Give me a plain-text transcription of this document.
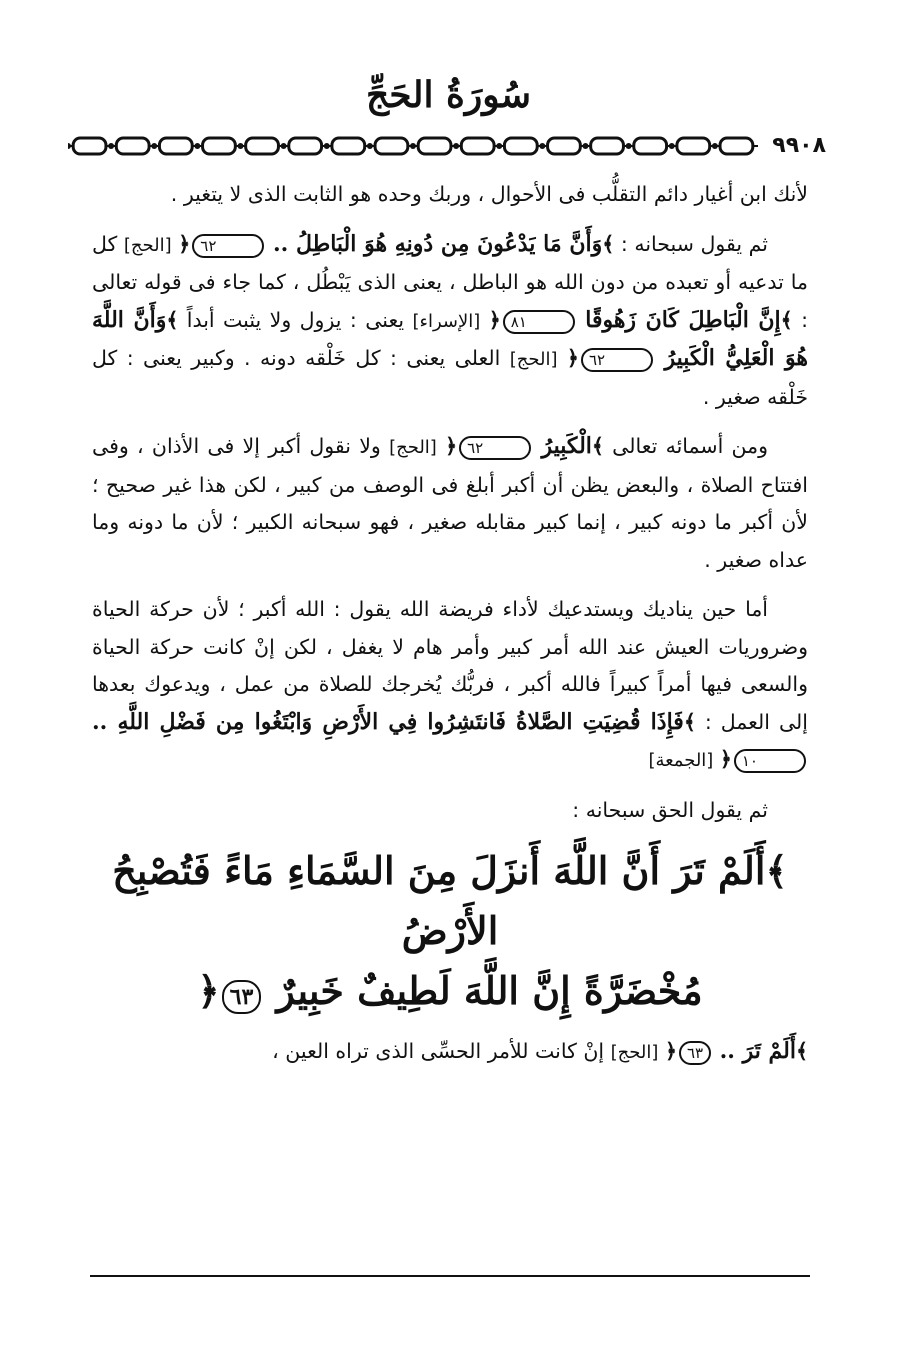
سُورَةُ الحَجِّ
٩٩٠٨

لأنك ابن أغيار دائم التقلُّب فى الأحوال ، وربك وحده هو الثابت الذى لا يتغير .

ثم يقول سبحانه : ﴾وَأَنَّ مَا يَدْعُونَ مِن دُونِهِ هُوَ الْبَاطِلُ .. ٦٢﴿ [الحج] كل ما تدعيه أو تعبده من دون الله هو الباطل ، يعنى الذى يَبْطُل ، كما جاء فى قوله تعالى : ﴾إِنَّ الْبَاطِلَ كَانَ زَهُوقًا ٨١﴿ [الإسراء] يعنى : يزول ولا يثبت أبداً ﴾وَأَنَّ اللَّهَ هُوَ الْعَلِيُّ الْكَبِيرُ ٦٢﴿ [الحج] العلى يعنى : كل خَلْقه دونه . وكبير يعنى : كل خَلْقه صغير .

ومن أسمائه تعالى ﴾الْكَبِيرُ ٦٢﴿ [الحج] ولا نقول أكبر إلا فى الأذان ، وفى افتتاح الصلاة ، والبعض يظن أن أكبر أبلغ فى الوصف من كبير ، لكن هذا غير صحيح ؛ لأن أكبر ما دونه كبير ، إنما كبير مقابله صغير ، فهو سبحانه الكبير ؛ لأن ما دونه وما عداه صغير .

أما حين يناديك ويستدعيك لأداء فريضة الله يقول : الله أكبر ؛ لأن حركة الحياة وضروريات العيش عند الله أمر كبير وأمر هام لا يغفل ، لكن إنْ كانت حركة الحياة والسعى فيها أمراً كبيراً فالله أكبر ، فربُّك يُخرجك للصلاة من عمل ، ويدعوك بعدها إلى العمل : ﴾فَإِذَا قُضِيَتِ الصَّلاةُ فَانتَشِرُوا فِي الأَرْضِ وَابْتَغُوا مِن فَضْلِ اللَّهِ .. ١٠﴿ [الجمعة]

ثم يقول الحق سبحانه :

﴾أَلَمْ تَرَ أَنَّ اللَّهَ أَنزَلَ مِنَ السَّمَاءِ مَاءً فَتُصْبِحُ الأَرْضُ
مُخْضَرَّةً إِنَّ اللَّهَ لَطِيفٌ خَبِيرٌ ٦٣﴿

﴾أَلَمْ تَرَ .. ٦٣﴿ [الحج] إنْ كانت للأمر الحسِّى الذى تراه العين ،
